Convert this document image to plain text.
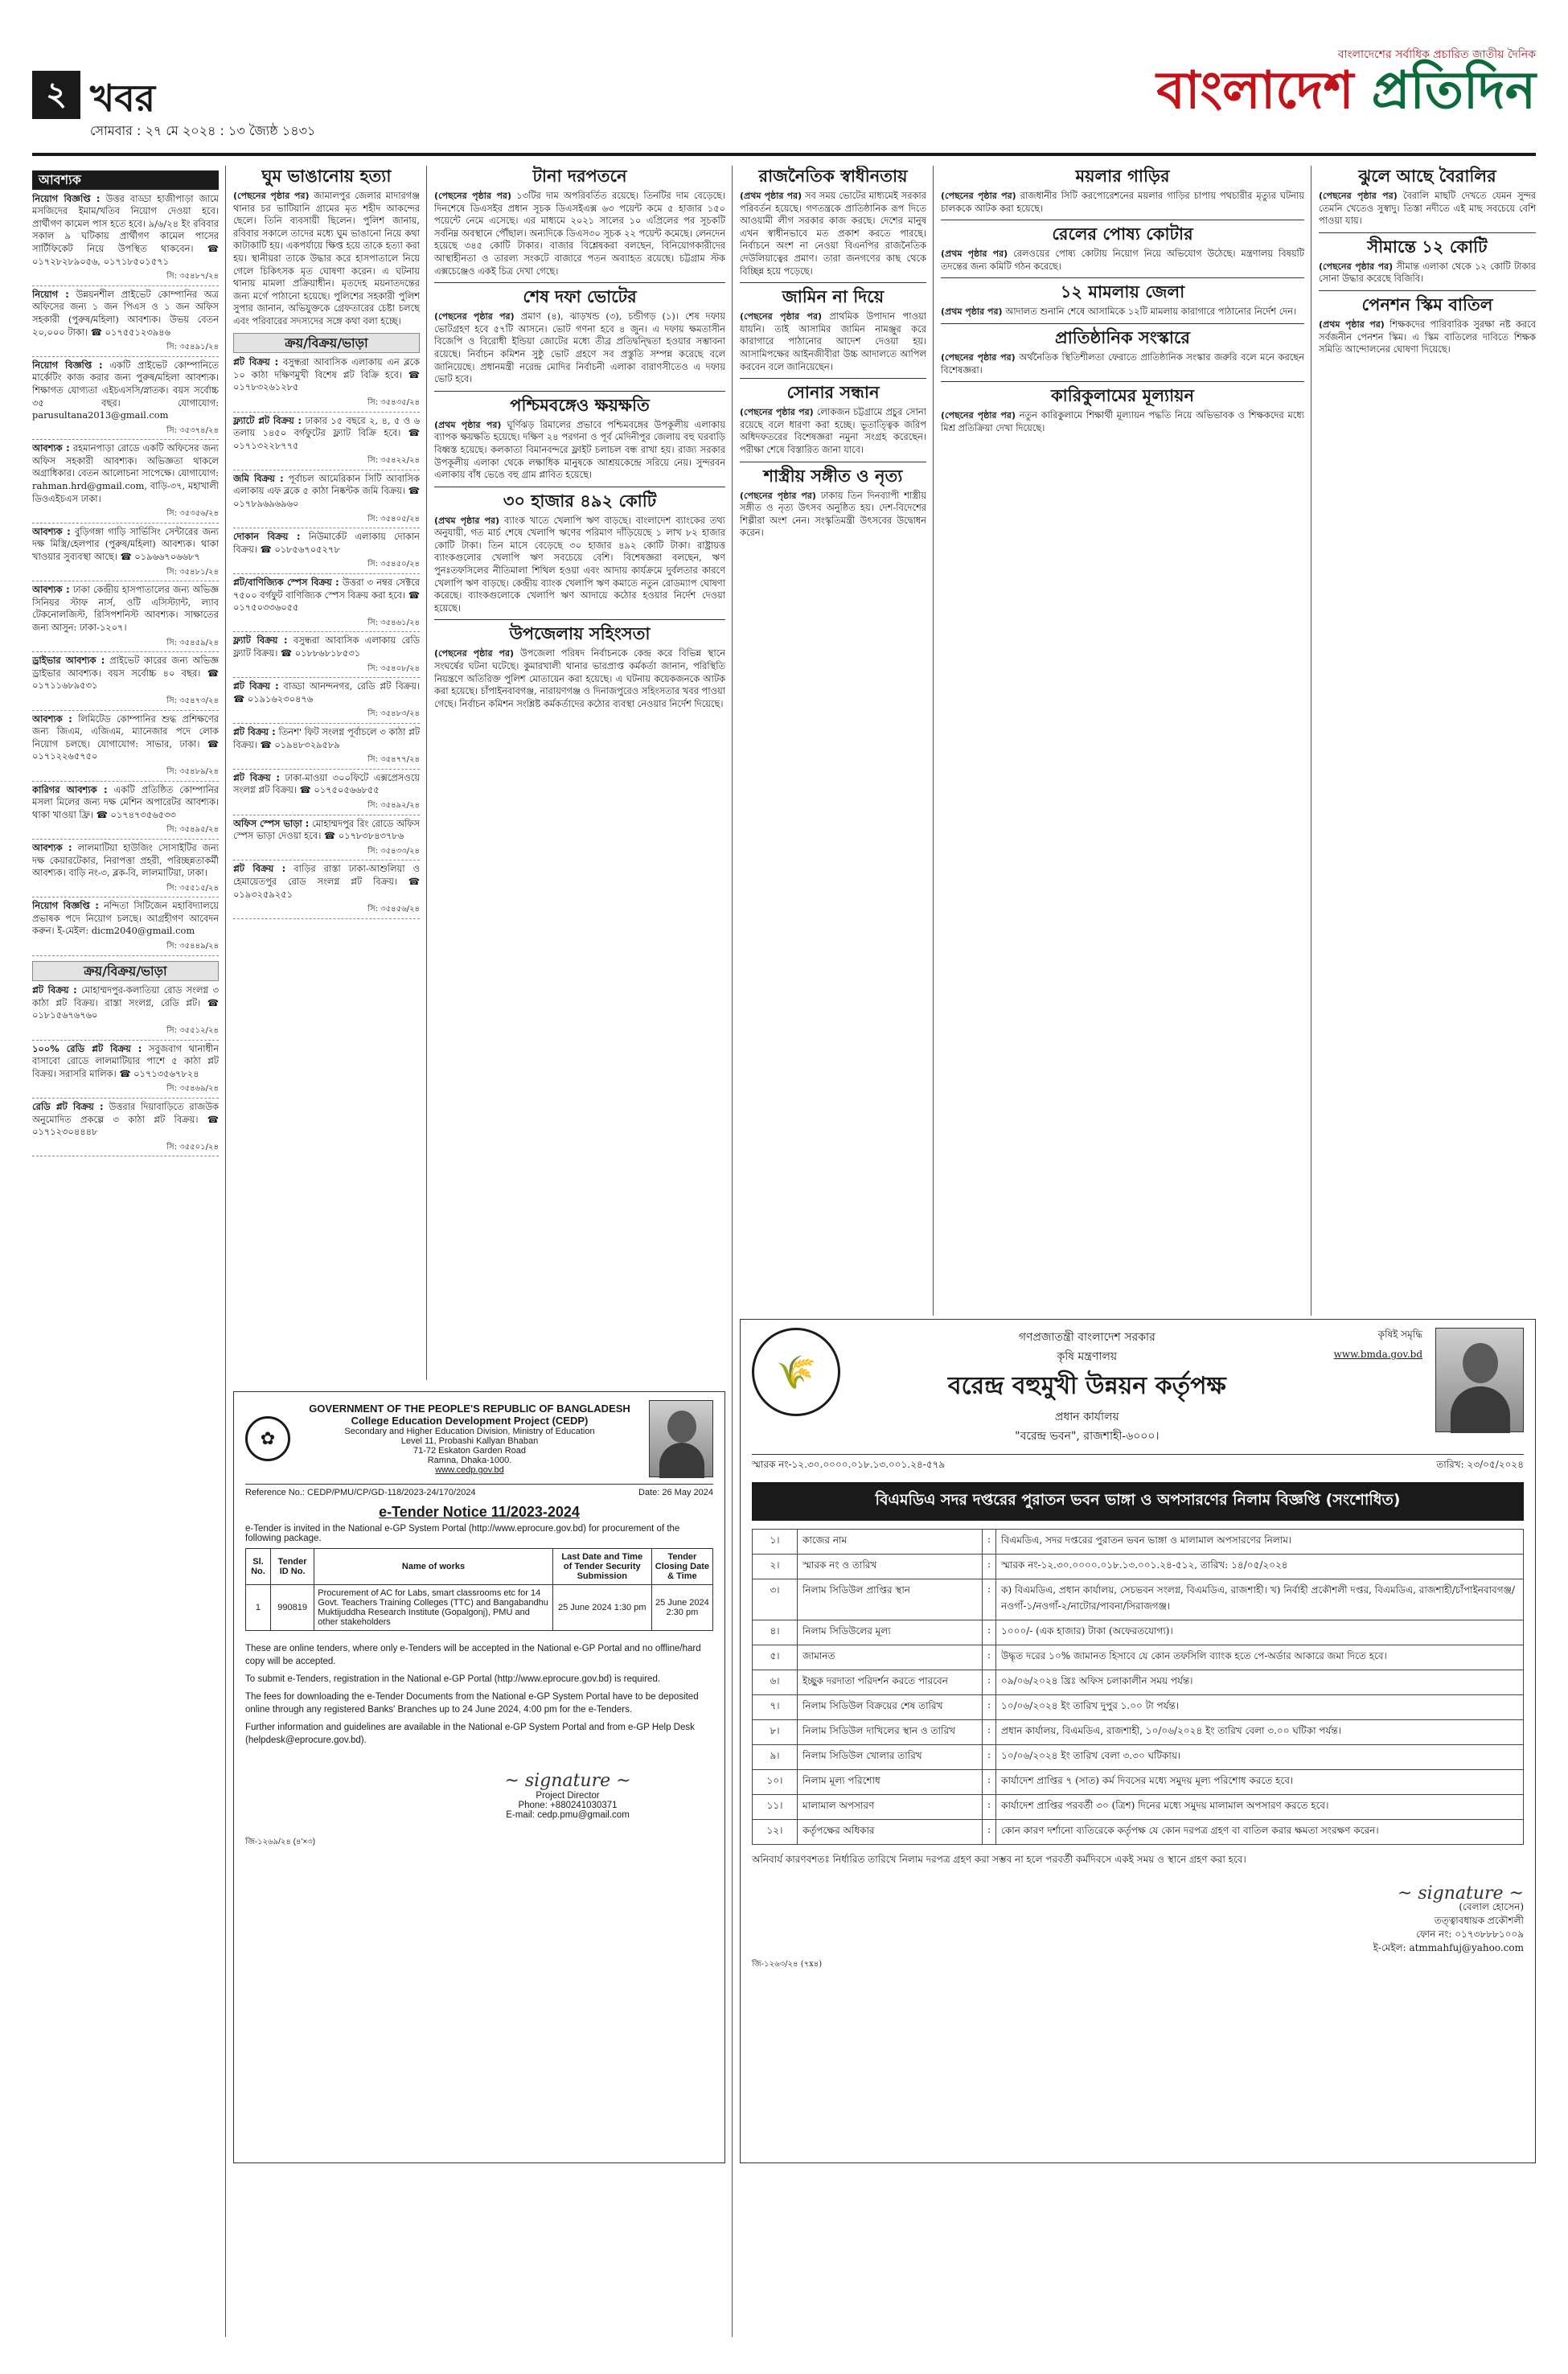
২ খবর
সোমবার : ২৭ মে ২০২৪ : ১৩ জ্যৈষ্ঠ ১৪৩১
বাংলাদেশের সর্বাধিক প্রচারিত জাতীয় দৈনিক
বাংলাদেশ প্রতিদিন
আবশ্যক

নিয়োগ বিজ্ঞপ্তি : উত্তর বাড্ডা হাজীপাড়া জামে মসজিদের ইমাম/খতিব নিয়োগ দেওয়া হবে। প্রার্থীগণ কামেল পাস হতে হবে। ৯/৬/২৪ ইং রবিবার সকাল ৯ ঘটিকায় প্রার্থীগণ কামেল পাসের সার্টিফিকেট নিয়ে উপস্থিত থাকবেন। ☎ ০১৭২৮২৮৯০৫৬, ০১৭১৮৫০১৫৭১

সি: ৩৫৪৮৭/২৪

নিয়োগ : উন্নয়নশীল প্রাইভেট কোম্পানির অত্র অফিসের জন্য ১ জন পিএস ও ১ জন অফিস সহকারী (পুরুষ/মহিলা) আবশ্যক। উভয় বেতন ২০,০০০ টাকা। ☎ ০১৭৫৫১২৩৯৪৬

সি: ৩৫৪৯১/২৪

নিয়োগ বিজ্ঞপ্তি : একটি প্রাইভেট কোম্পানিতে মার্কেটিং কাজ করার জন্য পুরুষ/মহিলা আবশ্যক। শিক্ষাগত যোগ্যতা এইচএসসি/স্নাতক। বয়স সর্বোচ্চ ৩৫ বছর। যোগাযোগ: parusultana2013@gmail.com

সি: ৩৫৩৭৪/২৪

আবশ্যক : রহমানপাড়া রোডে একটি অফিসের জন্য অফিস সহকারী আবশ্যক। অভিজ্ঞতা থাকলে অগ্রাধিকার। বেতন আলোচনা সাপেক্ষে। যোগাযোগ: rahman.hrd@gmail.com, বাড়ি-৩৭, মহাখালী ডিওএইচএস ঢাকা।

সি: ৩৫৩৫৬/২৪

আবশ্যক : বুড়িগঙ্গা গাড়ি সার্ভিসিং সেন্টারের জন্য দক্ষ মিস্ত্রি/হেলপার (পুরুষ/মহিলা) আবশ্যক। থাকা খাওয়ার সুব্যবস্থা আছে। ☎ ০১৯৬৬৭০৬৬৮৭

সি: ৩৫৪৮১/২৪

আবশ্যক : ঢাকা কেন্দ্রীয় হাসপাতালের জন্য অভিজ্ঞ সিনিয়র স্টাফ নার্স, ওটি এসিস্ট্যান্ট, ল্যাব টেকনোলজিস্ট, রিসিপশনিস্ট আবশ্যক। সাক্ষাতের জন্য আসুন: ঢাকা-১২০৭।

সি: ৩৫৪৫৯/২৪

ড্রাইভার আবশ্যক : প্রাইভেট কারের জন্য অভিজ্ঞ ড্রাইভার আবশ্যক। বয়স সর্বোচ্চ ৪০ বছর। ☎ ০১৭১১৬৮৯৫৩১

সি: ৩৫৪৭৩/২৪

আবশ্যক : লিমিটেড কোম্পানির শুদ্ধ প্রশিক্ষণের জন্য জিএম, এজিএম, ম্যানেজার পদে লোক নিয়োগ চলছে। যোগাযোগ: সাভার, ঢাকা। ☎ ০১৭১২২৬৫৭৫০

সি: ৩৫৪৮৯/২৪

কারিগর আবশ্যক : একটি প্রতিষ্ঠিত কোম্পানির মসলা মিলের জন্য দক্ষ মেশিন অপারেটর আবশ্যক। থাকা খাওয়া ফ্রি। ☎ ০১৭৪৭৩৫৬৫৩৩

সি: ৩৫৪৯৫/২৪

আবশ্যক : লালমাটিয়া হাউজিং সোসাইটির জন্য দক্ষ কেয়ারটেকার, নিরাপত্তা প্রহরী, পরিচ্ছন্নতাকর্মী আবশ্যক। বাড়ি নং-৩, ব্লক-বি, লালমাটিয়া, ঢাকা।

সি: ৩৫৫১৫/২৪

নিয়োগ বিজ্ঞপ্তি : নন্দিতা সিটিজেন মহাবিদ্যালয়ে প্রভাষক পদে নিয়োগ চলছে। আগ্রহীগণ আবেদন করুন। ই-মেইল: dicm2040@gmail.com

সি: ৩৫৪৪৯/২৪
ক্রয়/বিক্রয়/ভাড়া

প্লট বিক্রয় : মোহাম্মদপুর-কলাতিয়া রোড সংলগ্ন ৩ কাঠা প্লট বিক্রয়। রাস্তা সংলগ্ন, রেডি প্লট। ☎ ০১৮১৫৬৭৬৭৬০

সি: ৩৫৫১২/২৪

১০০% রেডি প্লট বিক্রয় : সবুজবাগ থানাধীন বাসাবো রোডে লালমাটিয়ার পাশে ৫ কাঠা প্লট বিক্রয়। সরাসরি মালিক। ☎ ০১৭১৩৫৬৭৮২৪

সি: ৩৫৪৬৯/২৪

রেডি প্লট বিক্রয় : উত্তরার দিয়াবাড়িতে রাজউক অনুমোদিত প্রকল্পে ৩ কাঠা প্লট বিক্রয়। ☎ ০১৭১২৩০৪৪৪৮

সি: ৩৫৫০১/২৪
ঘুম ভাঙানোয় হত্যা

(পেছনের পৃষ্ঠার পর) জামালপুর জেলার মাদারগঞ্জ থানার চর ভাটিয়ানি গ্রামের মৃত শহীদ আকন্দের ছেলে। তিনি ব্যবসায়ী ছিলেন। পুলিশ জানায়, রবিবার সকালে তাদের মধ্যে ঘুম ভাঙানো নিয়ে কথা কাটাকাটি হয়। একপর্যায়ে ক্ষিপ্ত হয়ে তাকে হত্যা করা হয়। স্থানীয়রা তাকে উদ্ধার করে হাসপাতালে নিয়ে গেলে চিকিৎসক মৃত ঘোষণা করেন। এ ঘটনায় থানায় মামলা প্রক্রিয়াধীন। মৃতদেহ ময়নাতদন্তের জন্য মর্গে পাঠানো হয়েছে। পুলিশের সহকারী পুলিশ সুপার জানান, অভিযুক্তকে গ্রেফতারের চেষ্টা চলছে এবং পরিবারের সদস্যদের সঙ্গে কথা বলা হচ্ছে।

ক্রয়/বিক্রয়/ভাড়া

প্লট বিক্রয় : বসুন্ধরা আবাসিক এলাকায় এন ব্লকে ১০ কাঠা দক্ষিণমুখী বিশেষ প্লট বিক্রি হবে। ☎ ০১৭৮৩২৬১২৮৫

সি: ৩৫৪৩৫/২৪

ফ্ল্যাটে প্লট বিক্রয় : ঢাকার ১৫ বছরে ২, ৪, ৫ ও ৬ তলায় ১৪৫০ বর্গফুটের ফ্ল্যাট বিক্রি হবে। ☎ ০১৭১৩২২৮৭৭৫

সি: ৩৫৪২২/২৪

জমি বিক্রয় : পূর্বাচল আমেরিকান সিটি আবাসিক এলাকায় এফ ব্লকে ৫ কাঠা নিষ্কন্টক জমি বিক্রয়। ☎ ০১৭৮৯৬৯৬৯৬০

সি: ৩৫৪০৫/২৪

দোকান বিক্রয় : নিউমার্কেট এলাকায় দোকান বিক্রয়। ☎ ০১৮৫৬৭০৫২৭৮

সি: ৩৫৪৫০/২৪

প্লট/বাণিজ্যিক স্পেস বিক্রয় : উত্তরা ৩ নম্বর সেক্টরে ৭৫০০ বর্গফুট বাণিজ্যিক স্পেস বিক্রয় করা হবে। ☎ ০১৭৫০৩৩৬০৫৫

সি: ৩৫৪৬১/২৪

ফ্ল্যাট বিক্রয় : বসুন্ধরা আবাসিক এলাকায় রেডি ফ্ল্যাট বিক্রয়। ☎ ০১৮৮৬৮১৮৫৩১

সি: ৩৫৪০৮/২৪

প্লট বিক্রয় : বাড্ডা আনন্দনগর, রেডি প্লট বিক্রয়। ☎ ০১৯১৬২৩০৪৭৬

সি: ৩৫৪৮৩/২৪

প্লট বিক্রয় : তিনশ' ফিট সংলগ্ন পূর্বাচলে ৩ কাঠা প্লট বিক্রয়। ☎ ০১৯৪৮৩২৯৫৮৯

সি: ৩৫৪৭৭/২৪

প্লট বিক্রয় : ঢাকা-মাওয়া ৩০০ফিটে এক্সপ্রেসওয়ে সংলগ্ন প্লট বিক্রয়। ☎ ০১৭৫০৫৬৬৮৫৫

সি: ৩৫৪৯২/২৪

অফিস স্পেস ভাড়া : মোহাম্মদপুর রিং রোডে অফিস স্পেস ভাড়া দেওয়া হবে। ☎ ০১৭৮৩৮৪৩৭৮৬

সি: ৩৫৪৩৩/২৪

প্লট বিক্রয় : বাড়ির রাস্তা ঢাকা-আশুলিয়া ও হেমায়েতপুর রোড সংলগ্ন প্লট বিক্রয়। ☎ ০১৯৩২৫৯২৫১

সি: ৩৫৪৫৬/২৪
টানা দরপতনে

(পেছনের পৃষ্ঠার পর) ১৩টির দাম অপরিবর্তিত রয়েছে। তিনটির দাম বেড়েছে। দিনশেষে ডিএসইর প্রধান সূচক ডিএসইএক্স ৬৩ পয়েন্ট কমে ৫ হাজার ১৫০ পয়েন্টে নেমে এসেছে। এর মাধ্যমে ২০২১ সালের ১০ এপ্রিলের পর সূচকটি সর্বনিম্ন অবস্থানে পৌঁছাল। অন্যদিকে ডিএস৩০ সূচক ২২ পয়েন্ট কমেছে। লেনদেন হয়েছে ৩৪৫ কোটি টাকার। বাজার বিশ্লেষকরা বলছেন, বিনিয়োগকারীদের আস্থাহীনতা ও তারল্য সংকটে বাজারে পতন অব্যাহত রয়েছে। চট্টগ্রাম স্টক এক্সচেঞ্জেও একই চিত্র দেখা গেছে।

শেষ দফা ভোটের

(পেছনের পৃষ্ঠার পর) প্রমাণ (৪), ঝাড়খন্ড (৩), চন্ডীগড় (১)। শেষ দফায় ভোটগ্রহণ হবে ৫৭টি আসনে। ভোট গণনা হবে ৪ জুন। এ দফায় ক্ষমতাসীন বিজেপি ও বিরোধী ইন্ডিয়া জোটের মধ্যে তীব্র প্রতিদ্বন্দ্বিতা হওয়ার সম্ভাবনা রয়েছে। নির্বাচন কমিশন সুষ্ঠু ভোট গ্রহণে সব প্রস্তুতি সম্পন্ন করেছে বলে জানিয়েছে। প্রধানমন্ত্রী নরেন্দ্র মোদির নির্বাচনী এলাকা বারাণসীতেও এ দফায় ভোট হবে।

পশ্চিমবঙ্গেও ক্ষয়ক্ষতি

(প্রথম পৃষ্ঠার পর) ঘূর্ণিঝড় রিমালের প্রভাবে পশ্চিমবঙ্গের উপকূলীয় এলাকায় ব্যাপক ক্ষয়ক্ষতি হয়েছে। দক্ষিণ ২৪ পরগনা ও পূর্ব মেদিনীপুর জেলায় বহু ঘরবাড়ি বিধ্বস্ত হয়েছে। কলকাতা বিমানবন্দরে ফ্লাইট চলাচল বন্ধ রাখা হয়। রাজ্য সরকার উপকূলীয় এলাকা থেকে লক্ষাধিক মানুষকে আশ্রয়কেন্দ্রে সরিয়ে নেয়। সুন্দরবন এলাকায় বাঁধ ভেঙে বহু গ্রাম প্লাবিত হয়েছে।

৩০ হাজার ৪৯২ কোটি

(প্রথম পৃষ্ঠার পর) ব্যাংক খাতে খেলাপি ঋণ বাড়ছে। বাংলাদেশ ব্যাংকের তথ্য অনুযায়ী, গত মার্চ শেষে খেলাপি ঋণের পরিমাণ দাঁড়িয়েছে ১ লাখ ৮২ হাজার কোটি টাকা। তিন মাসে বেড়েছে ৩০ হাজার ৪৯২ কোটি টাকা। রাষ্ট্রায়ত্ত ব্যাংকগুলোর খেলাপি ঋণ সবচেয়ে বেশি। বিশেষজ্ঞরা বলছেন, ঋণ পুনঃতফসিলের নীতিমালা শিথিল হওয়া এবং আদায় কার্যক্রমে দুর্বলতার কারণে খেলাপি ঋণ বাড়ছে। কেন্দ্রীয় ব্যাংক খেলাপি ঋণ কমাতে নতুন রোডম্যাপ ঘোষণা করেছে। ব্যাংকগুলোকে খেলাপি ঋণ আদায়ে কঠোর হওয়ার নির্দেশ দেওয়া হয়েছে।

উপজেলায় সহিংসতা

(পেছনের পৃষ্ঠার পর) উপজেলা পরিষদ নির্বাচনকে কেন্দ্র করে বিভিন্ন স্থানে সংঘর্ষের ঘটনা ঘটেছে। কুমারখালী থানার ভারপ্রাপ্ত কর্মকর্তা জানান, পরিস্থিতি নিয়ন্ত্রণে অতিরিক্ত পুলিশ মোতায়েন করা হয়েছে। এ ঘটনায় কয়েকজনকে আটক করা হয়েছে। চাঁপাইনবাবগঞ্জ, নারায়ণগঞ্জ ও দিনাজপুরেও সহিংসতার খবর পাওয়া গেছে। নির্বাচন কমিশন সংশ্লিষ্ট কর্মকর্তাদের কঠোর ব্যবস্থা নেওয়ার নির্দেশ দিয়েছে।

রাজনৈতিক স্বাধীনতায়

(প্রথম পৃষ্ঠার পর) সব সময় ভোটের মাধ্যমেই সরকার পরিবর্তন হয়েছে। গণতন্ত্রকে প্রাতিষ্ঠানিক রূপ দিতে আওয়ামী লীগ সরকার কাজ করছে। দেশের মানুষ এখন স্বাধীনভাবে মত প্রকাশ করতে পারছে। নির্বাচনে অংশ না নেওয়া বিএনপির রাজনৈতিক দেউলিয়াত্বের প্রমাণ। তারা জনগণের কাছ থেকে বিচ্ছিন্ন হয়ে পড়েছে।

জামিন না দিয়ে

(পেছনের পৃষ্ঠার পর) প্রাথমিক উপাদান পাওয়া যায়নি। তাই আসামির জামিন নামঞ্জুর করে কারাগারে পাঠানোর আদেশ দেওয়া হয়। আসামিপক্ষের আইনজীবীরা উচ্চ আদালতে আপিল করবেন বলে জানিয়েছেন।

সোনার সন্ধান

(পেছনের পৃষ্ঠার পর) লোকজন চট্টগ্রামে প্রচুর সোনা রয়েছে বলে ধারণা করা হচ্ছে। ভূতাত্ত্বিক জরিপ অধিদফতরের বিশেষজ্ঞরা নমুনা সংগ্রহ করেছেন। পরীক্ষা শেষে বিস্তারিত জানা যাবে।

শাস্ত্রীয় সঙ্গীত ও নৃত্য

(পেছনের পৃষ্ঠার পর) ঢাকায় তিন দিনব্যাপী শাস্ত্রীয় সঙ্গীত ও নৃত্য উৎসব অনুষ্ঠিত হয়। দেশ-বিদেশের শিল্পীরা অংশ নেন। সংস্কৃতিমন্ত্রী উৎসবের উদ্বোধন করেন।

ময়লার গাড়ির

(পেছনের পৃষ্ঠার পর) রাজধানীর সিটি করপোরেশনের ময়লার গাড়ির চাপায় পথচারীর মৃত্যুর ঘটনায় চালককে আটক করা হয়েছে।

রেলের পোষ্য কোটার

(প্রথম পৃষ্ঠার পর) রেলওয়ের পোষ্য কোটায় নিয়োগ নিয়ে অভিযোগ উঠেছে। মন্ত্রণালয় বিষয়টি তদন্তের জন্য কমিটি গঠন করেছে।

১২ মামলায় জেলা

(প্রথম পৃষ্ঠার পর) আদালত শুনানি শেষে আসামিকে ১২টি মামলায় কারাগারে পাঠানোর নির্দেশ দেন।

প্রাতিষ্ঠানিক সংস্কারে

(পেছনের পৃষ্ঠার পর) অর্থনৈতিক স্থিতিশীলতা ফেরাতে প্রাতিষ্ঠানিক সংস্কার জরুরি বলে মনে করছেন বিশেষজ্ঞরা।

কারিকুলামের মূল্যায়ন

(পেছনের পৃষ্ঠার পর) নতুন কারিকুলামে শিক্ষার্থী মূল্যায়ন পদ্ধতি নিয়ে অভিভাবক ও শিক্ষকদের মধ্যে মিশ্র প্রতিক্রিয়া দেখা দিয়েছে।

ঝুলে আছে বৈরালির

(পেছনের পৃষ্ঠার পর) বৈরালি মাছটি দেখতে যেমন সুন্দর তেমনি খেতেও সুস্বাদু। তিস্তা নদীতে এই মাছ সবচেয়ে বেশি পাওয়া যায়।

সীমান্তে ১২ কোটি

(পেছনের পৃষ্ঠার পর) সীমান্ত এলাকা থেকে ১২ কোটি টাকার সোনা উদ্ধার করেছে বিজিবি।

পেনশন স্কিম বাতিল

(প্রথম পৃষ্ঠার পর) শিক্ষকদের পারিবারিক সুরক্ষা নষ্ট করবে সর্বজনীন পেনশন স্কিম। এ স্কিম বাতিলের দাবিতে শিক্ষক সমিতি আন্দোলনের ঘোষণা দিয়েছে।

✿
GOVERNMENT OF THE PEOPLE'S REPUBLIC OF BANGLADESH
College Education Development Project (CEDP)
Secondary and Higher Education Division, Ministry of Education
Level 11, Probashi Kallyan Bhaban
71-72 Eskaton Garden Road
Ramna, Dhaka-1000.
www.cedp.gov.bd
Reference No.: CEDP/PMU/CP/GD-118/2023-24/170/2024	Date: 26 May 2024
e-Tender Notice 11/2023-2024
e-Tender is invited in the National e-GP System Portal (http://www.eprocure.gov.bd) for procurement of the following package.
Sl. No.	Tender ID No.	Name of works	Last Date and Time of Tender Security Submission	Tender Closing Date & Time
1	990819	Procurement of AC for Labs, smart classrooms etc for 14 Govt. Teachers Training Colleges (TTC) and Bangabandhu Muktijuddha Research Institute (Gopalgonj), PMU and other stakeholders	25 June 2024 1:30 pm	25 June 2024 2:30 pm

These are online tenders, where only e-Tenders will be accepted in the National e-GP Portal and no offline/hard copy will be accepted.

To submit e-Tenders, registration in the National e-GP Portal (http://www.eprocure.gov.bd) is required.

The fees for downloading the e-Tender Documents from the National e-GP System Portal have to be deposited online through any registered Banks' Branches up to 24 June 2024, 4:00 pm for the e-Tenders.

Further information and guidelines are available in the National e-GP System Portal and from e-GP Help Desk (helpdesk@eprocure.gov.bd).

~ signature ~
Project Director
Phone: +880241030371
E-mail: cedp.pmu@gmail.com
জি-১২৬৯/২৪ (৪'×৩)
🌾
গণপ্রজাতন্ত্রী বাংলাদেশ সরকার
কৃষি মন্ত্রণালয়
বরেন্দ্র বহুমুখী উন্নয়ন কর্তৃপক্ষ
প্রধান কার্যালয়
"বরেন্দ্র ভবন", রাজশাহী-৬০০০।
কৃষিই সমৃদ্ধি
www.bmda.gov.bd
স্মারক নং-১২.৩০.০০০০.০১৮.১৩.০০১.২৪-৫৭৯	তারিখ: ২৩/০৫/২০২৪
বিএমডিএ সদর দপ্তরের পুরাতন ভবন ভাঙ্গা ও অপসারণের নিলাম বিজ্ঞপ্তি (সংশোধিত)
১।	কাজের নাম	:	বিএমডিএ, সদর দপ্তরের পুরাতন ভবন ভাঙ্গা ও মালামাল অপসারণের নিলাম।
২।	স্মারক নং ও তারিখ	:	স্মারক নং-১২.৩০.০০০০.০১৮.১৩.০০১.২৪-৫১২, তারিখ: ১৪/০৫/২০২৪
৩।	নিলাম সিডিউল প্রাপ্তির স্থান	:	ক) বিএমডিএ, প্রধান কার্যালয়, সেচভবন সংলগ্ন, বিএমডিএ, রাজশাহী। খ) নির্বাহী প্রকৌশলী দপ্তর, বিএমডিএ, রাজশাহী/চাঁপাইনবাবগঞ্জ/নওগাঁ-১/নওগাঁ-২/নাটোর/পাবনা/সিরাজগঞ্জ।
৪।	নিলাম সিডিউলের মূল্য	:	১০০০/- (এক হাজার) টাকা (অফেরতযোগ্য)।
৫।	জামানত	:	উদ্ধৃত দরের ১০% জামানত হিসাবে যে কোন তফসিলি ব্যাংক হতে পে-অর্ডার আকারে জমা দিতে হবে।
৬।	ইচ্ছুক দরদাতা পরিদর্শন করতে পারবেন	:	০৯/০৬/২০২৪ খ্রিঃ অফিস চলাকালীন সময় পর্যন্ত।
৭।	নিলাম সিডিউল বিক্রয়ের শেষ তারিখ	:	১০/০৬/২০২৪ ইং তারিখ দুপুর ১.০০ টা পর্যন্ত।
৮।	নিলাম সিডিউল দাখিলের স্থান ও তারিখ	:	প্রধান কার্যালয়, বিএমডিএ, রাজশাহী, ১০/০৬/২০২৪ ইং তারিখ বেলা ৩.০০ ঘটিকা পর্যন্ত।
৯।	নিলাম সিডিউল খোলার তারিখ	:	১০/০৬/২০২৪ ইং তারিখ বেলা ৩.৩০ ঘটিকায়।
১০।	নিলাম মূল্য পরিশোধ	:	কার্যাদেশ প্রাপ্তির ৭ (সাত) কর্ম দিবসের মধ্যে সমুদয় মূল্য পরিশোধ করতে হবে।
১১।	মালামাল অপসারণ	:	কার্যাদেশ প্রাপ্তির পরবর্তী ৩০ (ত্রিশ) দিনের মধ্যে সমুদয় মালামাল অপসারণ করতে হবে।
১২।	কর্তৃপক্ষের অধিকার	:	কোন কারণ দর্শানো ব্যতিরেকে কর্তৃপক্ষ যে কোন দরপত্র গ্রহণ বা বাতিল করার ক্ষমতা সংরক্ষণ করেন।
অনিবার্য কারণবশতঃ নির্ধারিত তারিখে নিলাম দরপত্র গ্রহণ করা সম্ভব না হলে পরবর্তী কর্মদিবসে একই সময় ও স্থানে গ্রহণ করা হবে।
~ signature ~
(বেলাল হোসেন)
তত্ত্বাবধায়ক প্রকৌশলী
ফোন নং: ০১৭৩৮৮৮১০০৯
ই-মেইল: atmmahfuj@yahoo.com
জি-১২৬৩/২৪ (৭x৪)
